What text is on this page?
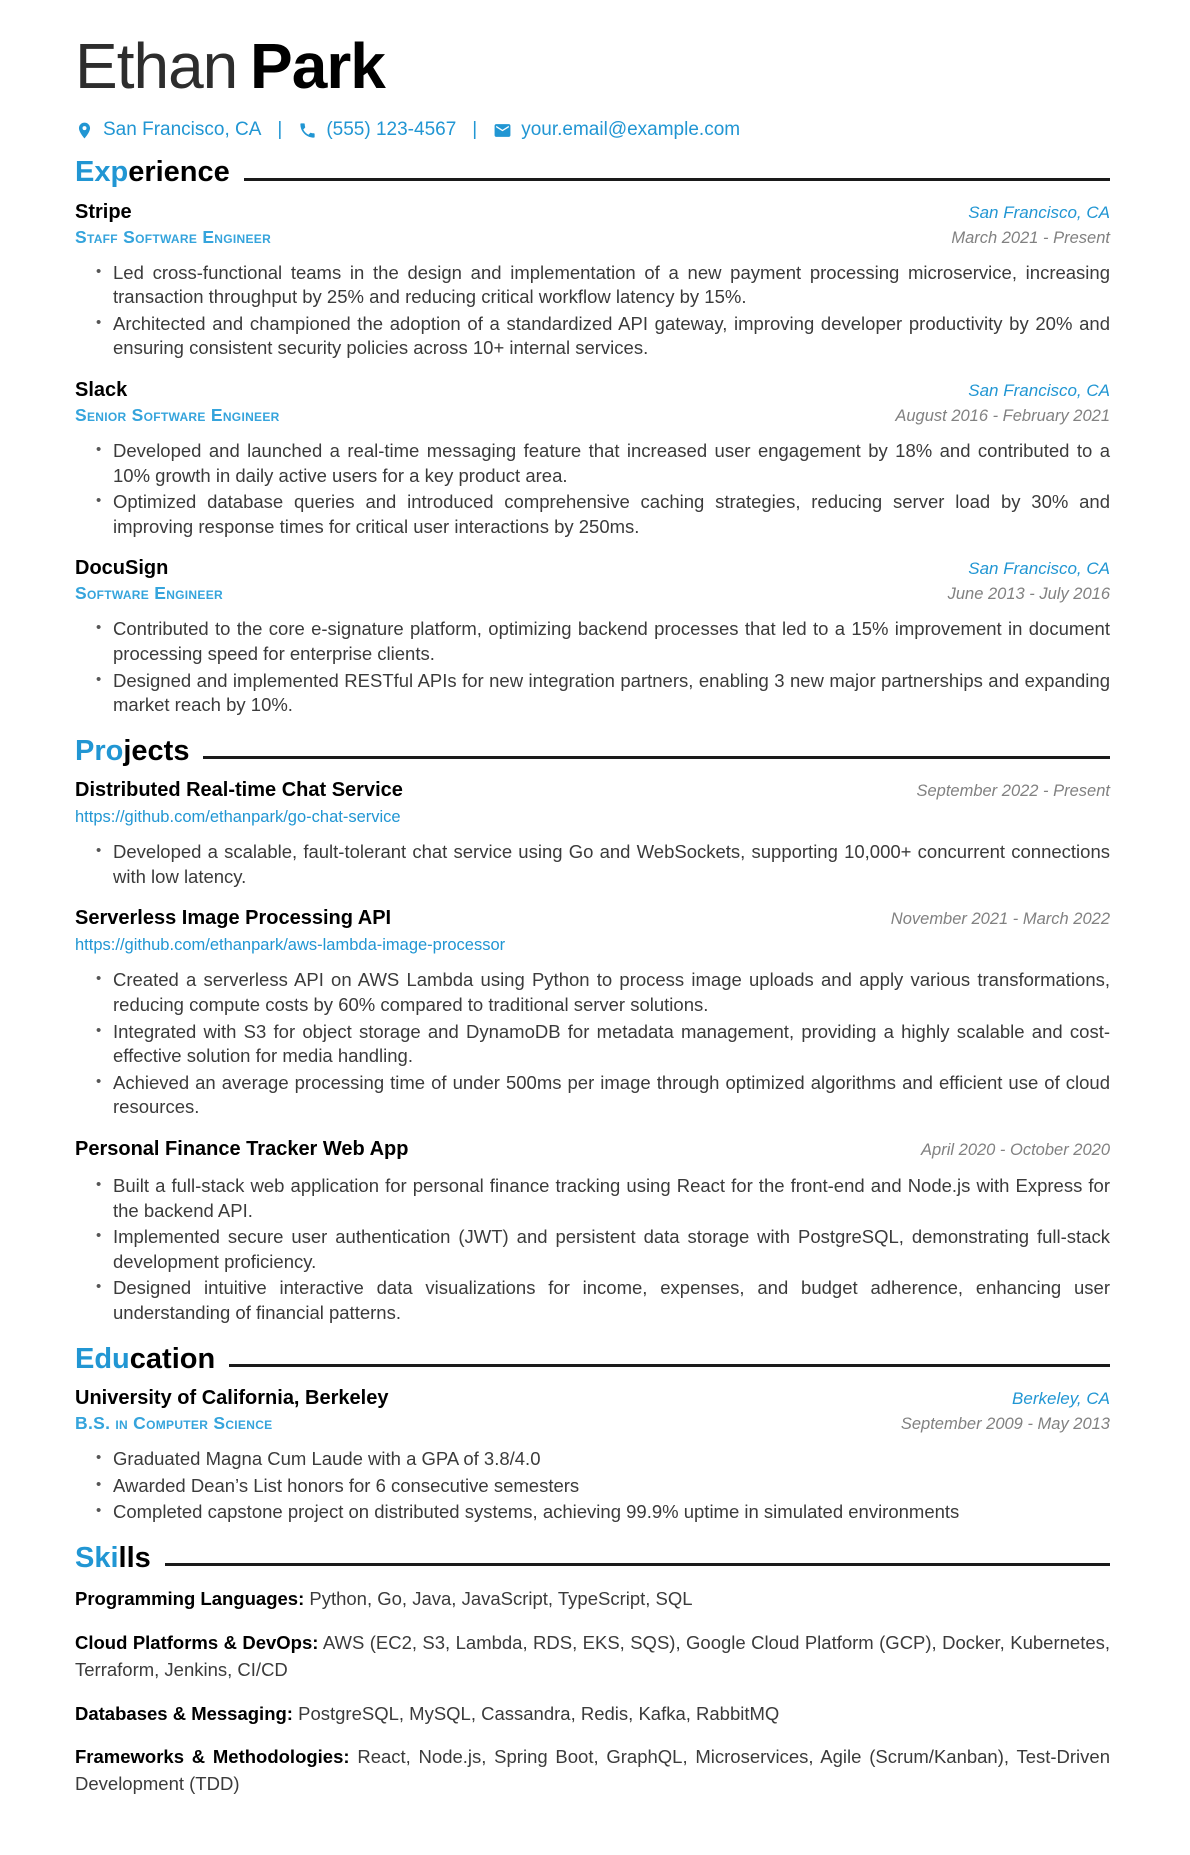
Ethan Park
San Francisco, CA | (555) 123-4567 | your.email@example.com
Exp erience
Stripe	San Francisco, CA
Staff Software Engineer	March 2021 - Present
• Led cross-functional teams in the design and implementation of a new payment processing microservice, increasing transaction throughput by 25% and reducing critical workflow latency by 15%.
• Architected and championed the adoption of a standardized API gateway, improving developer productivity by 20% and ensuring consistent security policies across 10+ internal services.
Slack	San Francisco, CA
Senior Software Engineer	August 2016 - February 2021
• Developed and launched a real-time messaging feature that increased user engagement by 18% and contributed to a 10% growth in daily active users for a key product area.
• Optimized database queries and introduced comprehensive caching strategies, reducing server load by 30% and improving response times for critical user interactions by 250ms.
DocuSign	San Francisco, CA
Software Engineer	June 2013 - July 2016
• Contributed to the core e-signature platform, optimizing backend processes that led to a 15% improvement in document processing speed for enterprise clients.
• Designed and implemented RESTful APIs for new integration partners, enabling 3 new major partnerships and expanding market reach by 10%.
Pro jects
Distributed Real-time Chat Service	September 2022 - Present
https://github.com/ethanpark/go-chat-service
• Developed a scalable, fault-tolerant chat service using Go and WebSockets, supporting 10,000+ concurrent connections with low latency.
Serverless Image Processing API	November 2021 - March 2022
https://github.com/ethanpark/aws-lambda-image-processor
• Created a serverless API on AWS Lambda using Python to process image uploads and apply various transformations, reducing compute costs by 60% compared to traditional server solutions.
• Integrated with S3 for object storage and DynamoDB for metadata management, providing a highly scalable and cost-effective solution for media handling.
• Achieved an average processing time of under 500ms per image through optimized algorithms and efficient use of cloud resources.
Personal Finance Tracker Web App	April 2020 - October 2020
• Built a full-stack web application for personal finance tracking using React for the front-end and Node.js with Express for the backend API.
• Implemented secure user authentication (JWT) and persistent data storage with PostgreSQL, demonstrating full-stack development proficiency.
• Designed intuitive interactive data visualizations for income, expenses, and budget adherence, enhancing user understanding of financial patterns.
Edu cation
University of California, Berkeley	Berkeley, CA
B.S. in Computer Science	September 2009 - May 2013
• Graduated Magna Cum Laude with a GPA of 3.8/4.0
• Awarded Dean’s List honors for 6 consecutive semesters
• Completed capstone project on distributed systems, achieving 99.9% uptime in simulated environments
Ski lls

Programming Languages: Python, Go, Java, JavaScript, TypeScript, SQL

Cloud Platforms & DevOps: AWS (EC2, S3, Lambda, RDS, EKS, SQS), Google Cloud Platform (GCP), Docker, Kubernetes, Terraform, Jenkins, CI/CD

Databases & Messaging: PostgreSQL, MySQL, Cassandra, Redis, Kafka, RabbitMQ

Frameworks & Methodologies: React, Node.js, Spring Boot, GraphQL, Microservices, Agile (Scrum/Kanban), Test-Driven Development (TDD)
